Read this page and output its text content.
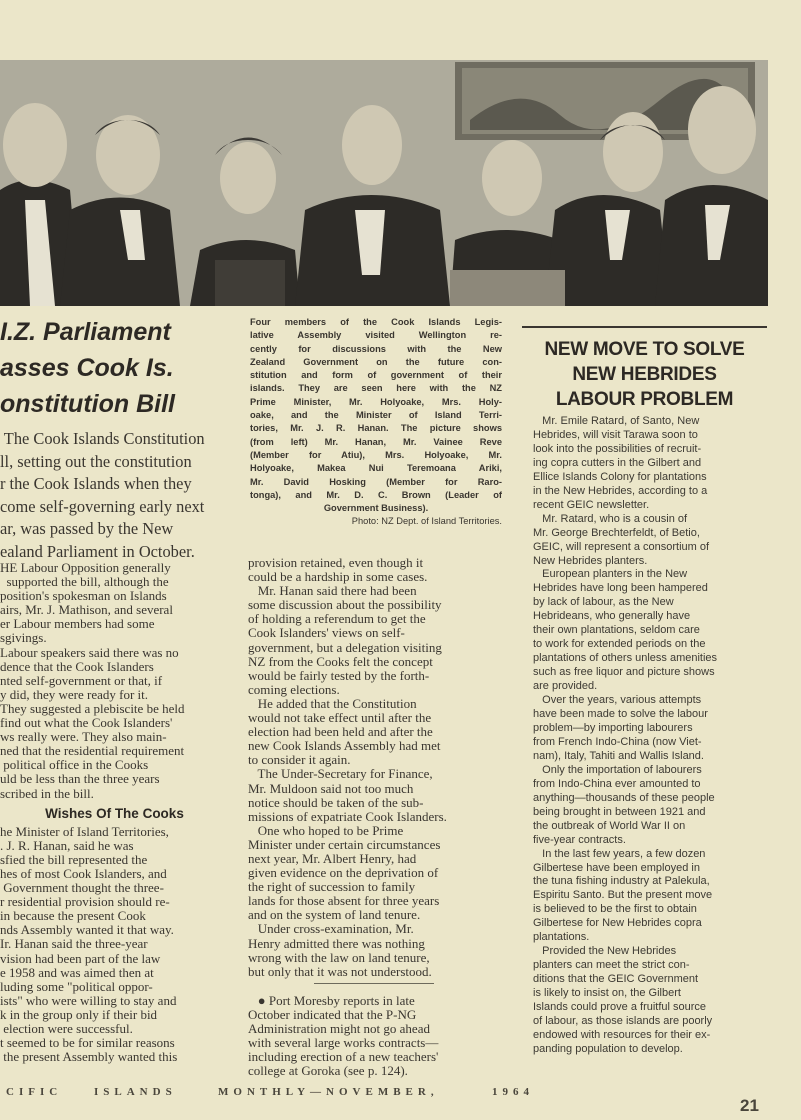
I.Z. Parliament
asses Cook Is.
onstitution Bill
The Cook Islands Constitution
ll, setting out the constitution
r the Cook Islands when they
come self-governing early next
ar, was passed by the New
ealand Parliament in October.
HE Labour Opposition generally
supported the bill, although the
position's spokesman on Islands
airs, Mr. J. Mathison, and several
er Labour members had some
sgivings.
Labour speakers said there was no
dence that the Cook Islanders
nted self-government or that, if
y did, they were ready for it.
They suggested a plebiscite be held
find out what the Cook Islanders'
ws really were. They also main-
ned that the residential requirement
political office in the Cooks
uld be less than the three years
scribed in the bill.
Wishes Of The Cooks
he Minister of Island Territories,
. J. R. Hanan, said he was
sfied the bill represented the
hes of most Cook Islanders, and
Government thought the three-
r residential provision should re-
in because the present Cook
nds Assembly wanted it that way.
Ir. Hanan said the three-year
vision had been part of the law
e 1958 and was aimed then at
luding some "political oppor-
ists" who were willing to stay and
k in the group only if their bid
election were successful.
t seemed to be for similar reasons
the present Assembly wanted this
Four members of the Cook Islands Legis-
lative Assembly visited Wellington re-
cently for discussions with the New
Zealand Government on the future con-
stitution and form of government of their
islands. They are seen here with the NZ
Prime Minister, Mr. Holyoake, Mrs. Holy-
oake, and the Minister of Island Terri-
tories, Mr. J. R. Hanan. The picture shows
(from left) Mr. Hanan, Mr. Vainee Reve
(Member for Atiu), Mrs. Holyoake, Mr.
Holyoake, Makea Nui Teremoana Ariki,
Mr. David Hosking (Member for Raro-
tonga), and Mr. D. C. Brown (Leader of
Government Business).
Photo: NZ Dept. of Island Territories.
provision retained, even though it
could be a hardship in some cases.
Mr. Hanan said there had been
some discussion about the possibility
of holding a referendum to get the
Cook Islanders' views on self-
government, but a delegation visiting
NZ from the Cooks felt the concept
would be fairly tested by the forth-
coming elections.
He added that the Constitution
would not take effect until after the
election had been held and after the
new Cook Islands Assembly had met
to consider it again.
The Under-Secretary for Finance,
Mr. Muldoon said not too much
notice should be taken of the sub-
missions of expatriate Cook Islanders.
One who hoped to be Prime
Minister under certain circumstances
next year, Mr. Albert Henry, had
given evidence on the deprivation of
the right of succession to family
lands for those absent for three years
and on the system of land tenure.
Under cross-examination, Mr.
Henry admitted there was nothing
wrong with the law on land tenure,
but only that it was not understood.
● Port Moresby reports in late
October indicated that the P-NG
Administration might not go ahead
with several large works contracts—
including erection of a new teachers'
college at Goroka (see p. 124).
NEW MOVE TO SOLVE
NEW HEBRIDES
LABOUR PROBLEM
Mr. Emile Ratard, of Santo, New
Hebrides, will visit Tarawa soon to
look into the possibilities of recruit-
ing copra cutters in the Gilbert and
Ellice Islands Colony for plantations
in the New Hebrides, according to a
recent GEIC newsletter.
Mr. Ratard, who is a cousin of
Mr. George Brechterfeldt, of Betio,
GEIC, will represent a consortium of
New Hebrides planters.
European planters in the New
Hebrides have long been hampered
by lack of labour, as the New
Hebrideans, who generally have
their own plantations, seldom care
to work for extended periods on the
plantations of others unless amenities
such as free liquor and picture shows
are provided.
Over the years, various attempts
have been made to solve the labour
problem—by importing labourers
from French Indo-China (now Viet-
nam), Italy, Tahiti and Wallis Island.
Only the importation of labourers
from Indo-China ever amounted to
anything—thousands of these people
being brought in between 1921 and
the outbreak of World War II on
five-year contracts.
In the last few years, a few dozen
Gilbertese have been employed in
the tuna fishing industry at Palekula,
Espiritu Santo. But the present move
is believed to be the first to obtain
Gilbertese for New Hebrides copra
plantations.
Provided the New Hebrides
planters can meet the strict con-
ditions that the GEIC Government
is likely to insist on, the Gilbert
Islands could prove a fruitful source
of labour, as those islands are poorly
endowed with resources for their ex-
panding population to develop.
CIFIC	ISLANDS	MONTHLY—NOVEMBER,	1964
21
